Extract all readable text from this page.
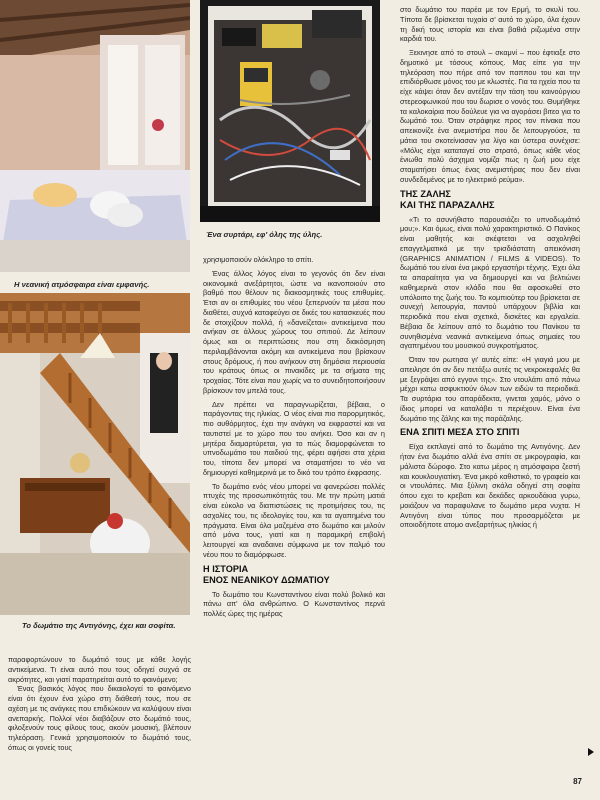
Η νεανική ατμόσφαιρα είναι εμφανής.
Ένα συρτάρι, εφ' όλης της ύλης.
Το δωμάτιο της Αντιγόνης, έχει και σοφίτα.

παραφορτώνουν το δωμάτιό τους με κάθε λογής αντικείμενα. Τι είναι αυτό που τους οδηγεί συχνά σε ακρότητες, και γιατί παρατηρείται αυτό το φαινόμενο;

Ένας βασικός λόγος που δικαιολογεί το φαινόμενο είναι ότι έχουν ένα χώρο στη διάθεσή τους, που σε αχέση με τις ανάγκες που επιδιώκουν να καλύψουν είναι ανεπαρκής. Πολλοί νέοι διαβάζουν στο δωμάτιό τους, φιλοξενούν τους φίλους τους, ακούν μουσική, βλέπουν τηλεόραση. Γενικά χρησιμοποιούν το δωμάτιό τους, όπως οι γονείς τους

χρησιμοποιούν ολόκληρο το σπίτι.

Ένας άλλος λόγος είναι το γεγονός ότι δεν είναι οικονομικά ανεξάρτητοι, ώστε να ικανοποιούν στο βαθμό που θέλουν τις διακοσμητικές τους επιθυμίες. Έτσι αν οι επιθυμίες του νέου ξεπερνούν τα μέσα που διαθέτει, συχνά καταφεύγει σε δικές του κατασκευές που δε στοιχίζουν πολλά, ή «δανείζεται» αντικείμενα που ανήκαν σε άλλους χώρους του σπιτιού. Δε λείπουν όμως και οι περιπτώσεις που στη διακόσμηση περιλαμβάνονται ακόμη και αντικείμενα που βρίσκουν στους δρόμους, ή που ανήκουν στη δημόσια περιουσία του κράτους όπως οι πινακίδες με τα σήματα της τροχαίας. Τότε είναι που χωρίς να το συνειδητοποιήσουν βρίσκουν τον μπελά τους.

Δεν πρέπει να παραγνωρίζεται, βέβαια, ο παράγοντας της ηλικίας. Ο νέος είναι πιο παρορμητικός, πιο αυθόρμητος, έχει την ανάγκη να εκφραστεί και να ταυτιστεί με το χώρο που του ανήκει. Όσο και αν η μητέρα διαμαρτύρεται, για το πώς διαμορφώνεται το υπνοδωμάτιο του παιδιού της, φέρει αφήσει στα χέρια του, τίποτα δεν μπορεί να σταματήσει το νέο να δημιουργεί καθημερινά με το δικό του τρόπο έκφρασης.

Το δωμάτιο ενός νέου μπορεί να φανερώσει πολλές πτυχές της προσωπικότητάς του. Με την πρώτη ματιά είναι εύκολο να διαπιστώσεις τις προτιμήσεις του, τις ασχολίες του, τις ιδεολογίες του, και τα αγαπημένα του πράγματα. Είναι όλα μαζεμένα στο δωμάτιο και μιλούν από μόνα τους, γιατί και η παραμικρή επιβολή λειτουργεί και αναδαινει σύμφωνα με τον παλμό του νέου που το διαμόρφωσε.

Η ΙΣΤΟΡΙΑ
ΕΝΟΣ ΝΕΑΝΙΚΟΥ ΔΩΜΑΤΙΟΥ

Το δωμάτιο του Κωνσταντίνου είναι πολύ βολικό και πάνω απ' όλα ανθρώπινο. Ο Κωνσταντίνος περνά πολλές ώρες της ημέρας

στο δωμάτιο του παρέα με τον Ερμή, το σκυλί του. Τίποτα δε βρίσκεται τυχαία σ' αυτό το χώρο, όλα έχουν τη δική τους ιστορία και είναι βαθιά ριζωμένα στην καρδιά του.

Ξεκινησε από το στουλ – σκαμνί – που έφτιαξε στο δημοτικό με τόσους κόπους. Μας είπε για την τηλεόραση που πήρε από τον παππου του και την επιδιόρθωσε μόνος του με κλωστές. Για τα ηχεία που τα είχε κάψει όταν δεν αντέξαν την τάση του καινούργιου στερεοφωνικού που του δωρισε ο νονός του. Θυμήθηκε τα καλοκαίρια που δούλευε για να αγοράσει βιτεο για το δωμάτιό του. Όταν στράφηκε προς τον πίνακα που απεικονίζε ένα ανεμιστήρα που δε λειτουργούσε, τα μάτια του σκοτείνιασαν για λίγο και ύστερα συνέχισε: «Μόλις είχα καταταγεί στο στρατό, όπως κάθε νέος ένιωθα πολύ άσχημα νομίζα πως η ζωή μου είχε σταματήσει όπως ένας ανεμιστήρας που δεν είναι συνδεδεμένος με το ηλεκτρικό ρεύμα».

ΤΗΣ ΖΑΛΗΣ
ΚΑΙ ΤΗΣ ΠΑΡΑΖΑΛΗΣ

«Τι το ασυνήθιστο παρουσιάζει το υπνοδωμάτιό μου;». Και όμως, είναι πολύ χαρακτηριστικό. Ο Πανίκος είναι μαθητής και σκέφτεται να ασχοληθεί επαγγελματικά με την τρισδιάστατη απεικόνιση (GRAPHICS ANIMATION / FILMS & VIDEOS). Το δωμάτιό του είναι ένα μικρό εργαστήρι τέχνης. Έχει όλα τα απαραίτητα για να δημιουργεί και να βελτιώνει καθημερινά στον κλάδο που θα αφοσιωθεί στο υπόλοιπο της ζωής του. Το κομπιούτερ του βρίσκεται σε συνεχή λειτουργία, παντού υπάρχουν βιβλία και περιοδικά που είναι σχετικά, δισκέτες και εργαλεία. Βέβαια δε λείπουν από το δωμάτιο του Πανίκου τα συνηθισμένα νεανικά αντικείμενα όπως σημαίες του αγαπημένου του μουσικού συγκροτήματος.

Όταν τον ρωτησα γι' αυτές είπε: «Η γιαγιά μου με απειλησε ότι αν δεν πετάξω αυτές τις νεκροκεφαλές θα με ξεγράψει από εγγονι της». Στο ντουλάπι από πάνω μέχρι κατω ασφυκτιούν όλων των ειδών τα περιοδικά. Τα συρτάρια του απαράδεκτα, γινεται χαμός, μόνο ο ίδιος μπορεί να καταλάβει τι περιέχουν. Είναι ένα δωμάτιο της ζάλης και της παράζαλης.

ΕΝΑ ΣΠΙΤΙ ΜΕΣΑ ΣΤΟ ΣΠΙΤΙ

Είχα εκπλαγεί από το δωμάτιο της Αντιγόνης. Δεν ήταν ένα δωμάτιο αλλά ένα σπίτι σε μικρογραφία, και μάλιστα δώροφο. Στο κατω μέρος η ατμόσφαιρα ζεστή και κουκλουγιατίκη. Ένα μικρό καθιστικό, το γραφείο και οι ντουλάπες. Μια ξύλινη σκάλα οδηγεί στη σοφίτα όπου εχει το κρεβατι και δεκάδες αρκουδάκια γυρω, μοιάζουν να παραφυλανε το δωμάτιο μερα νυχτα. Η Αντιγόνη είναι τύπος που προσαρμόζεται με οποιοδήποτε ατομο ανεξαρτήτως ηλικίας ή

87
